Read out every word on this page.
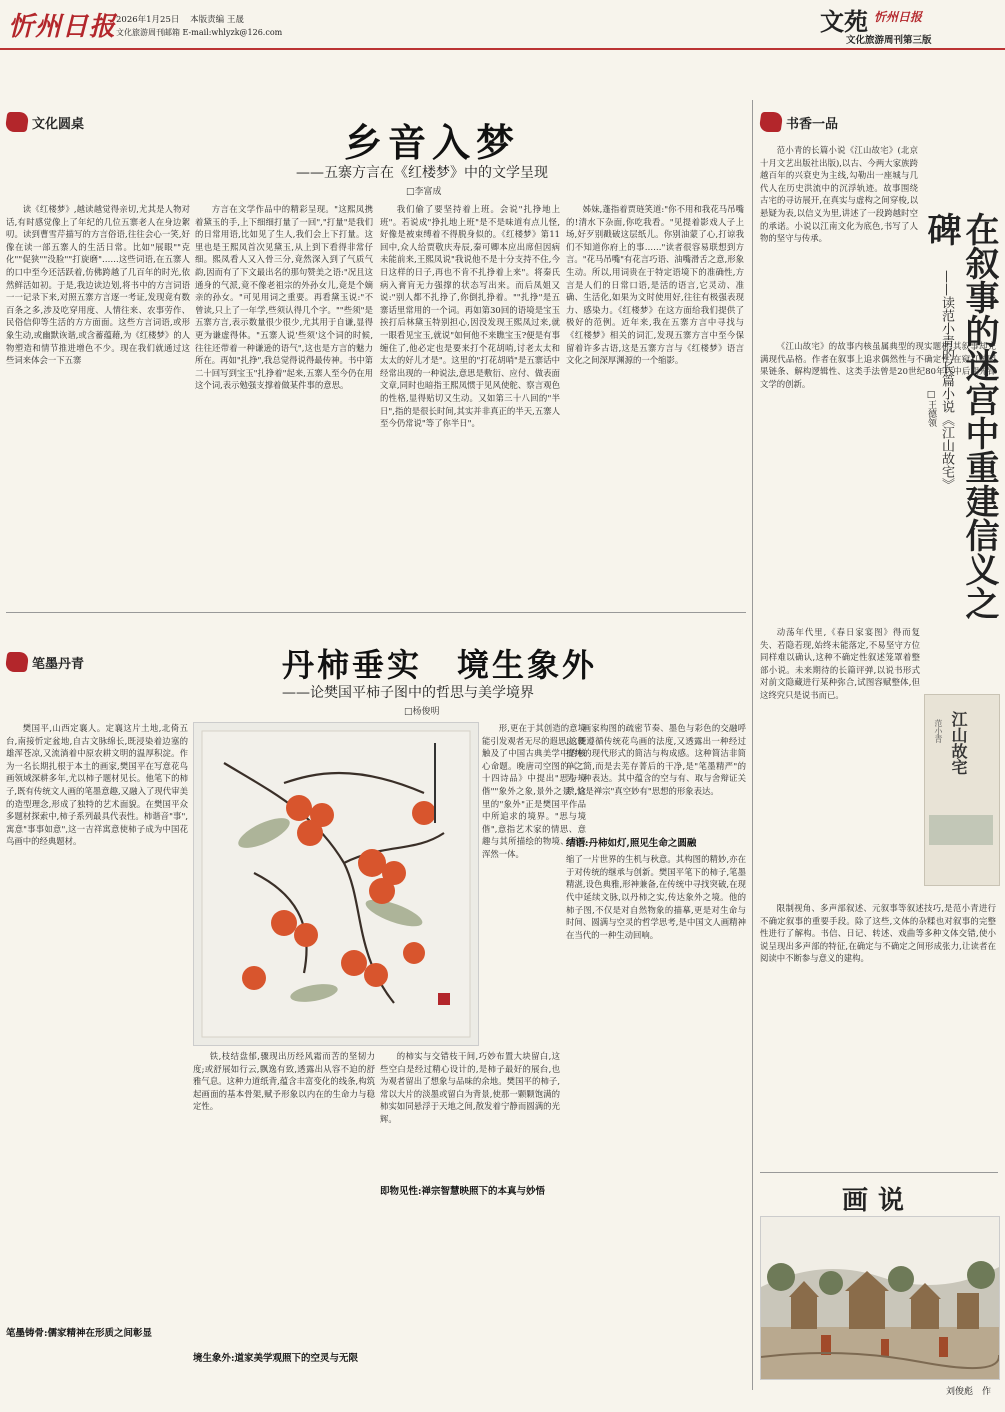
忻州日报 2026年1月25日 本版责编 王晟
文化旅游周刊邮箱 E-mail:whlyzk@126.com	文苑 忻州日报
文化旅游周刊第三版
文化圆桌	乡音入梦
——五寨方言在《红楼梦》中的文学呈现
□李富成
读《红楼梦》,越读越觉得亲切,尤其是人物对话,有时感觉像上了年纪的几位五寨老人在身边絮叨。读到曹雪芹描写的方言俗语,往往会心一笑,好像在读一部五寨人的生活日常。比如"展眼""克化""促狭""没脸""打旋磨"……这些词语,在五寨人的口中至今还活跃着,仿佛跨越了几百年的时光,依然鲜活如初。于是,我边读边划,将书中的方言词语一一记录下来,对照五寨方言逐一考证,发现竟有数百条之多,涉及吃穿用度、人情往来、农事劳作、民俗信仰等生活的方方面面。这些方言词语,或形象生动,或幽默诙谐,或含蓄蕴藉,为《红楼梦》的人物塑造和情节推进增色不少。现在我们就通过这些词来体会一下五寨
方言在文学作品中的精彩呈现。"这熙凤携着黛玉的手,上下细细打量了一回","打量"是我们的日常用语,比如见了生人,我们会上下打量。这里也是王熙凤首次见黛玉,从上到下看得非常仔细。熙凤看人又入骨三分,竟然深入到了气质气韵,因而有了下文最出名的那句赞美之语:"况且这通身的气派,竟不像老祖宗的外孙女儿,竟是个嫡亲的孙女。"可见用词之重要。再看黛玉说:"不曾读,只上了一年学,些须认得几个字。""些须"是五寨方言,表示数量很少很少,尤其用于自谦,显得更为谦虚得体。"五寨人说'些须'这个词的时候,往往还带着一种谦逊的语气",这也是方言的魅力所在。再如"扎挣",我总觉得说得最传神。书中第二十回写到宝玉"扎挣着"起来,五寨人至今仍在用这个词,表示勉强支撑着做某件事的意思。
我们偷了要坚持着上班。会说"扎挣地上班"。若说成"挣扎地上班"是不是味道有点儿怪,好像是被束缚着不得脱身似的。《红楼梦》第11回中,众人给贾敬庆寿辰,秦可卿本应出席但因病未能前来,王熙凤说"我说他不是十分支持不住,今日这样的日子,再也不肯不扎挣着上来"。将秦氏病入膏肓无力强撑的状态写出来。而后凤姐又说:"别人都不扎挣了,你倒扎挣着。""扎挣"是五寨话里常用的一个词。再如第30回的语境是宝玉挨打后林黛玉特别担心,因没发现王熙凤过来,就一眼看见宝玉,就说"如何他不来瞧宝玉?便是有事缠住了,他必定也是要来打个花胡哨,讨老太太和太太的好儿才是"。这里的"打花胡哨"是五寨话中经常出现的一种说法,意思是敷衍、应付、做表面文章,同时也暗指王熙凤惯于见风使舵、察言观色的性格,显得贴切又生动。又如第三十八回的"半日",指的是很长时间,其实并非真正的半天,五寨人至今仍常说"等了你半日"。
姊妹,蓬指着贾琏笑道:"你不用和我花马吊嘴的!清水下杂面,你吃我看。"见提着影戏人子上场,好歹别戳破这层纸儿。你别油蒙了心,打谅我们不知道你府上的事……"读者很容易联想到方言。"花马吊嘴"有花言巧语、油嘴滑舌之意,形象生动。所以,用词贵在于特定语境下的准确性,方言是人们的日常口语,是活的语言,它灵动、准确、生活化,如果为文时使用好,往往有极强表现力、感染力。《红楼梦》在这方面给我们提供了极好的范例。近年来,我在五寨方言中寻找与《红楼梦》相关的词汇,发现五寨方言中至今保留着许多古语,这是五寨方言与《红楼梦》语言文化之间深厚渊源的一个缩影。
笔墨丹青	丹柿垂实　境生象外
——论樊国平柿子图中的哲思与美学境界
□杨俊明
樊国平,山西定襄人。定襄这片土地,北倚五台,南接忻定盆地,自古文脉绵长,既浸染着边塞的雄浑苍凉,又流淌着中原农耕文明的温厚积淀。作为一名长期扎根于本土的画家,樊国平在写意花鸟画领域深耕多年,尤以柿子题材见长。他笔下的柿子,既有传统文人画的笔墨意趣,又融入了现代审美的造型理念,形成了独特的艺术面貌。在樊国平众多题材探索中,柿子系列最具代表性。柿谐音"事",寓意"事事如意",这一吉祥寓意使柿子成为中国花鸟画中的经典题材。
笔墨铸骨:儒家精神在形质之间彰显
形,更在于其创造的意境能引发观者无尽的遐思,这便触及了中国古典美学中的核心命题。晚唐司空图的《二十四诗品》中提出"思与境偕""象外之象,景外之景",这里的"象外"正是樊国平作品中所追求的境界。"思与境偕",意指艺术家的情思、意趣与其所描绘的物境、画境浑然一体。
铁,枝结盘郁,骤现出历经风霜而苦的坚韧力度;或舒展如行云,飘逸有致,透露出从容不迫的舒雅气息。这种力道纸背,蕴含丰富变化的线条,构筑起画面的基本骨架,赋予形象以内在的生命力与稳定性。
境生象外:道家美学观照下的空灵与无限
的柿实与交错枝干间,巧妙布置大块留白,这些空白是经过精心设计的,是柿子最好的展台,也为观者留出了想象与品味的余地。樊国平的柿子,常以大片的淡墨或留白为背景,使那一颗颗饱满的柿实如同悬浮于天地之间,散发着宁静而圆满的光辉。
即物见性:禅宗智慧映照下的本真与妙悟
画家构图的疏密节奏、墨色与彩色的交融呼应,既遵循传统花鸟画的法度,又透露出一种经过提纯的现代形式的简洁与构成感。这种简洁非简单之简,而是去芜存菁后的干净,是"笔墨精严"的另一种表达。其中蕴含的空与有、取与舍辩证关系,恰是禅宗"真空妙有"思想的形象表达。
结语:丹柿如灯,照见生命之圆融
缩了一片世界的生机与秋意。其构图的精妙,亦在于对传统的继承与创新。樊国平笔下的柿子,笔墨精湛,设色典雅,形神兼备,在传统中寻找突破,在现代中延续文脉,以丹柿之实,传达象外之境。他的柿子图,不仅是对自然物象的描摹,更是对生命与时间、圆满与空灵的哲学思考,是中国文人画精神在当代的一种生动回响。
书香一品
在叙事的迷宫中重建信义之碑
——读范小青的长篇小说《江山故宅》
□王德领
范小青的长篇小说《江山故宅》(北京十月文艺出版社出版),以古、今两大家族跨越百年的兴衰史为主线,勾勒出一座城与几代人在历史洪流中的沉浮轨迹。故事围绕古宅的寻访展开,在真实与虚构之间穿梭,以悬疑为表,以信义为里,讲述了一段跨越时空的承诺。小说以江南文化为底色,书写了人物的坚守与传承。
《江山故宅》的故事内核虽属典型的现实题材,其叙事却充满现代品格。作者在叙事上追求偶然性与不确定性,在窥打破因果链条、解构逻辑性、这类手法曾是20世纪80年代中后期先锋文学的创新。
动荡年代里,《春日家宴图》得而复失、若隐若现,始终未能落定,不易坚守方位同样难以确认,这种不确定性叙述笼罩着整部小说。未来期待的长篇评弹,以说书形式对前文隐藏进行某种弥合,试图容赋整体,但这终究只是说书而已。
江山故宅
范小青
限制视角、多声部叙述、元叙事等叙述技巧,是范小青进行不确定叙事的重要手段。除了这些,文体的杂糅也对叙事的完整性进行了解构。书信、日记、转述、戏曲等多种文体交错,使小说呈现出多声部的特征,在确定与不确定之间形成张力,让读者在阅读中不断参与意义的建构。
画说
刘俊彪　作
